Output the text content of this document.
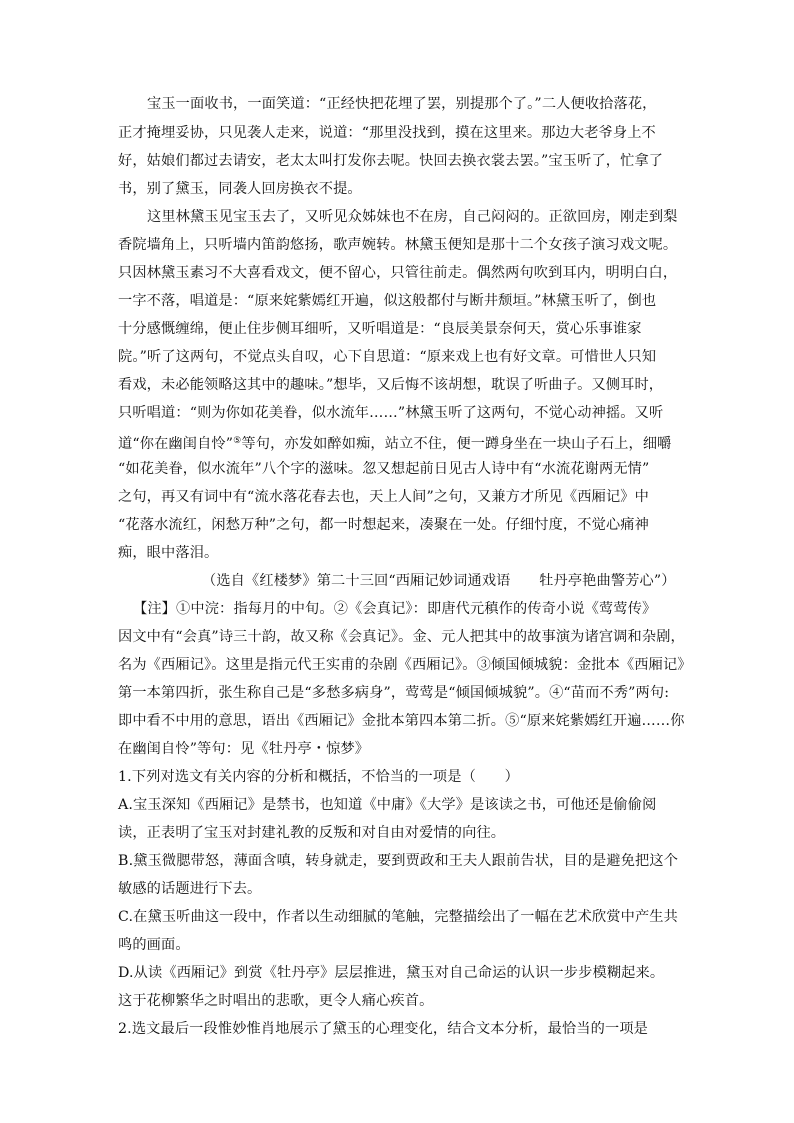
宝玉一面收书，一面笑道：“正经快把花埋了罢，别提那个了。”二人便收拾落花，
正才掩埋妥协，只见袭人走来，说道：“那里没找到，摸在这里来。那边大老爷身上不
好，姑娘们都过去请安，老太太叫打发你去呢。快回去换衣裳去罢。”宝玉听了，忙拿了
书，别了黛玉，同袭人回房换衣不提。
这里林黛玉见宝玉去了，又听见众姊妹也不在房，自己闷闷的。正欲回房，刚走到梨
香院墙角上，只听墙内笛韵悠扬，歌声婉转。林黛玉便知是那十二个女孩子演习戏文呢。
只因林黛玉素习不大喜看戏文，便不留心，只管往前走。偶然两句吹到耳内，明明白白，
一字不落，唱道是：“原来姹紫嫣红开遍，似这般都付与断井颓垣。”林黛玉听了，倒也
十分感慨缠绵，便止住步侧耳细听，又听唱道是：“良辰美景奈何天，赏心乐事谁家
院。”听了这两句，不觉点头自叹，心下自思道：“原来戏上也有好文章。可惜世人只知
看戏，未必能领略这其中的趣味。”想毕，又后悔不该胡想，耽误了听曲子。又侧耳时，
只听唱道：“则为你如花美眷，似水流年……”林黛玉听了这两句，不觉心动神摇。又听
道“你在幽闺自怜”⑤等句，亦发如醉如痴，站立不住，便一蹲身坐在一块山子石上，细嚼
“如花美眷，似水流年”八个字的滋味。忽又想起前日见古人诗中有“水流花谢两无情”
之句，再又有词中有“流水落花春去也，天上人间”之句，又兼方才所见《西厢记》中
“花落水流红，闲愁万种”之句，都一时想起来，凑聚在一处。仔细忖度，不觉心痛神
痴，眼中落泪。
（选自《红楼梦》第二十三回“西厢记妙词通戏语　　牡丹亭艳曲警芳心”）
【注】①中浣：指每月的中旬。②《会真记》：即唐代元稹作的传奇小说《莺莺传》
因文中有“会真”诗三十韵，故又称《会真记》。金、元人把其中的故事演为诸宫调和杂剧，
名为《西厢记》。这里是指元代王实甫的杂剧《西厢记》。③倾国倾城貌：金批本《西厢记》
第一本第四折，张生称自己是“多愁多病身”，莺莺是“倾国倾城貌”。④“苗而不秀”两句:
即中看不中用的意思，语出《西厢记》金批本第四本第二折。⑤“原来姹紫嫣红开遍……你
在幽闺自怜”等句：见《牡丹亭・惊梦》
1.下列对选文有关内容的分析和概括，不恰当的一项是（　　）
A.宝玉深知《西厢记》是禁书，也知道《中庸》《大学》是该读之书，可他还是偷偷阅
读，正表明了宝玉对封建礼教的反叛和对自由对爱情的向往。
B.黛玉微腮带怒，薄面含嗔，转身就走，要到贾政和王夫人跟前告状，目的是避免把这个
敏感的话题进行下去。
C.在黛玉听曲这一段中，作者以生动细腻的笔触，完整描绘出了一幅在艺术欣赏中产生共
鸣的画面。
D.从读《西厢记》到赏《牡丹亭》层层推进，黛玉对自己命运的认识一步步模糊起来。
这于花柳繁华之时唱出的悲歌，更令人痛心疾首。
2.选文最后一段惟妙惟肖地展示了黛玉的心理变化，结合文本分析，最恰当的一项是
